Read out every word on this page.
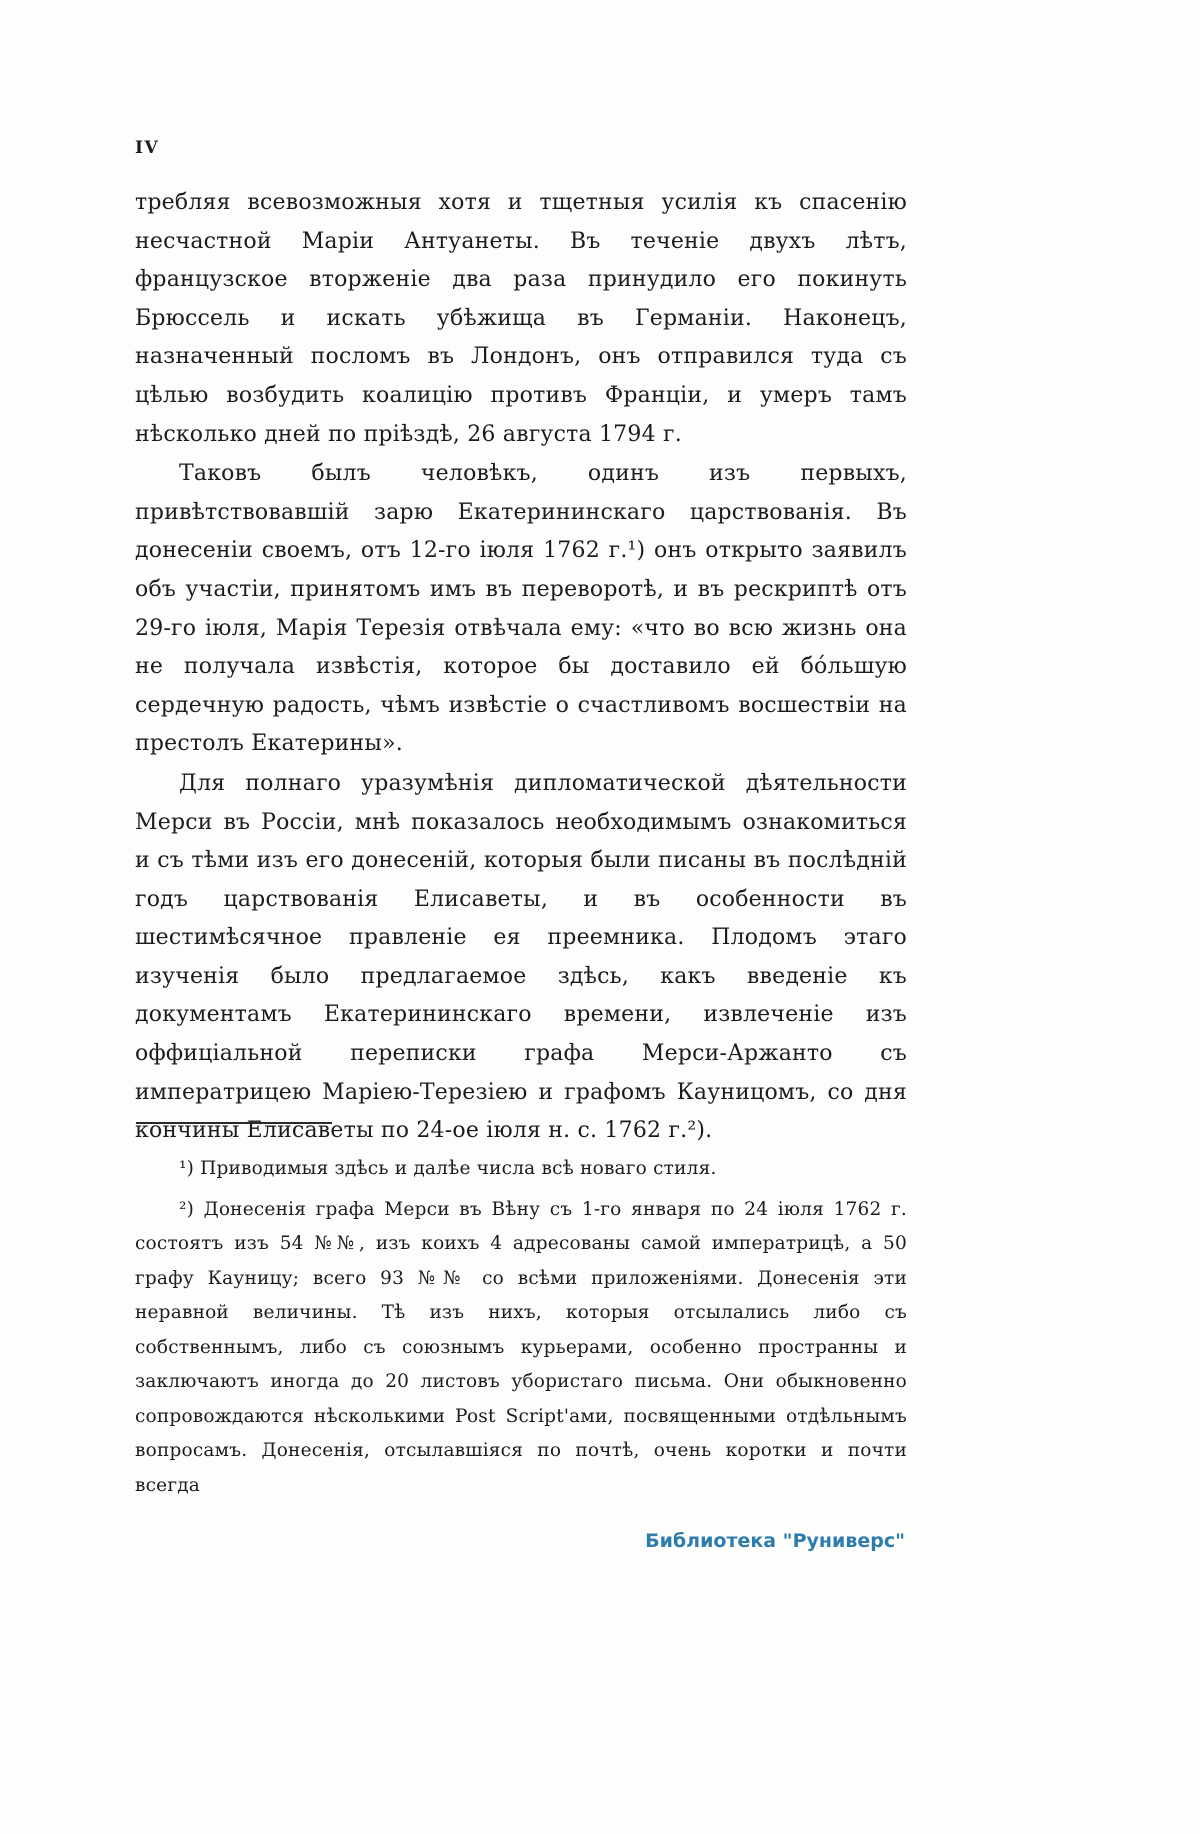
IV

требляя всевозможныя хотя и тщетныя усилія къ спасенію несчастной Маріи Антуанеты. Въ теченіе двухъ лѣтъ, французское вторженіе два раза принудило его покинуть Брюссель и искать убѣжища въ Германіи. Наконецъ, назначенный посломъ въ Лондонъ, онъ отправился туда съ цѣлью возбудить коалицію противъ Франціи, и умеръ тамъ нѣсколько дней по пріѣздѣ, 26 августа 1794 г.

Таковъ былъ человѣкъ, одинъ изъ первыхъ, привѣтствовавшій зарю Екатерининскаго царствованія. Въ донесеніи своемъ, отъ 12-го іюля 1762 г.¹) онъ открыто заявилъ объ участіи, принятомъ имъ въ переворотѣ, и въ рескриптѣ отъ 29-го іюля, Марія Терезія отвѣчала ему: «что во всю жизнь она не получала извѣстія, которое бы доставило ей бо́льшую сердечную радость, чѣмъ извѣстіе о счастливомъ восшествіи на престолъ Екатерины».

Для полнаго уразумѣнія дипломатической дѣятельности Мерси въ Россіи, мнѣ показалось необходимымъ ознакомиться и съ тѣми изъ его донесеній, которыя были писаны въ послѣдній годъ царствованія Елисаветы, и въ особенности въ шестимѣсячное правленіе ея преемника. Плодомъ этаго изученія было предлагаемое здѣсь, какъ введеніе къ документамъ Екатерининскаго времени, извлеченіе изъ оффиціальной переписки графа Мерси-Аржанто съ императрицею Маріею-Терезіею и графомъ Кауницомъ, со дня кончины Елисаветы по 24-ое іюля н. с. 1762 г.²).

¹) Приводимыя здѣсь и далѣе числа всѣ новаго стиля.

²) Донесенія графа Мерси въ Вѣну съ 1-го января по 24 іюля 1762 г. состоятъ изъ 54 №№, изъ коихъ 4 адресованы самой императрицѣ, а 50 графу Кауницу; всего 93 №№ со всѣми приложеніями. Донесенія эти неравной величины. Тѣ изъ нихъ, которыя отсылались либо съ собственнымъ, либо съ союзнымъ курьерами, особенно пространны и заключаютъ иногда до 20 листовъ убористаго письма. Они обыкновенно сопровождаются нѣсколькими Post Script'ами, посвященными отдѣльнымъ вопросамъ. Донесенія, отсылавшіяся по почтѣ, очень коротки и почти всегда

Библиотека "Руниверс"
